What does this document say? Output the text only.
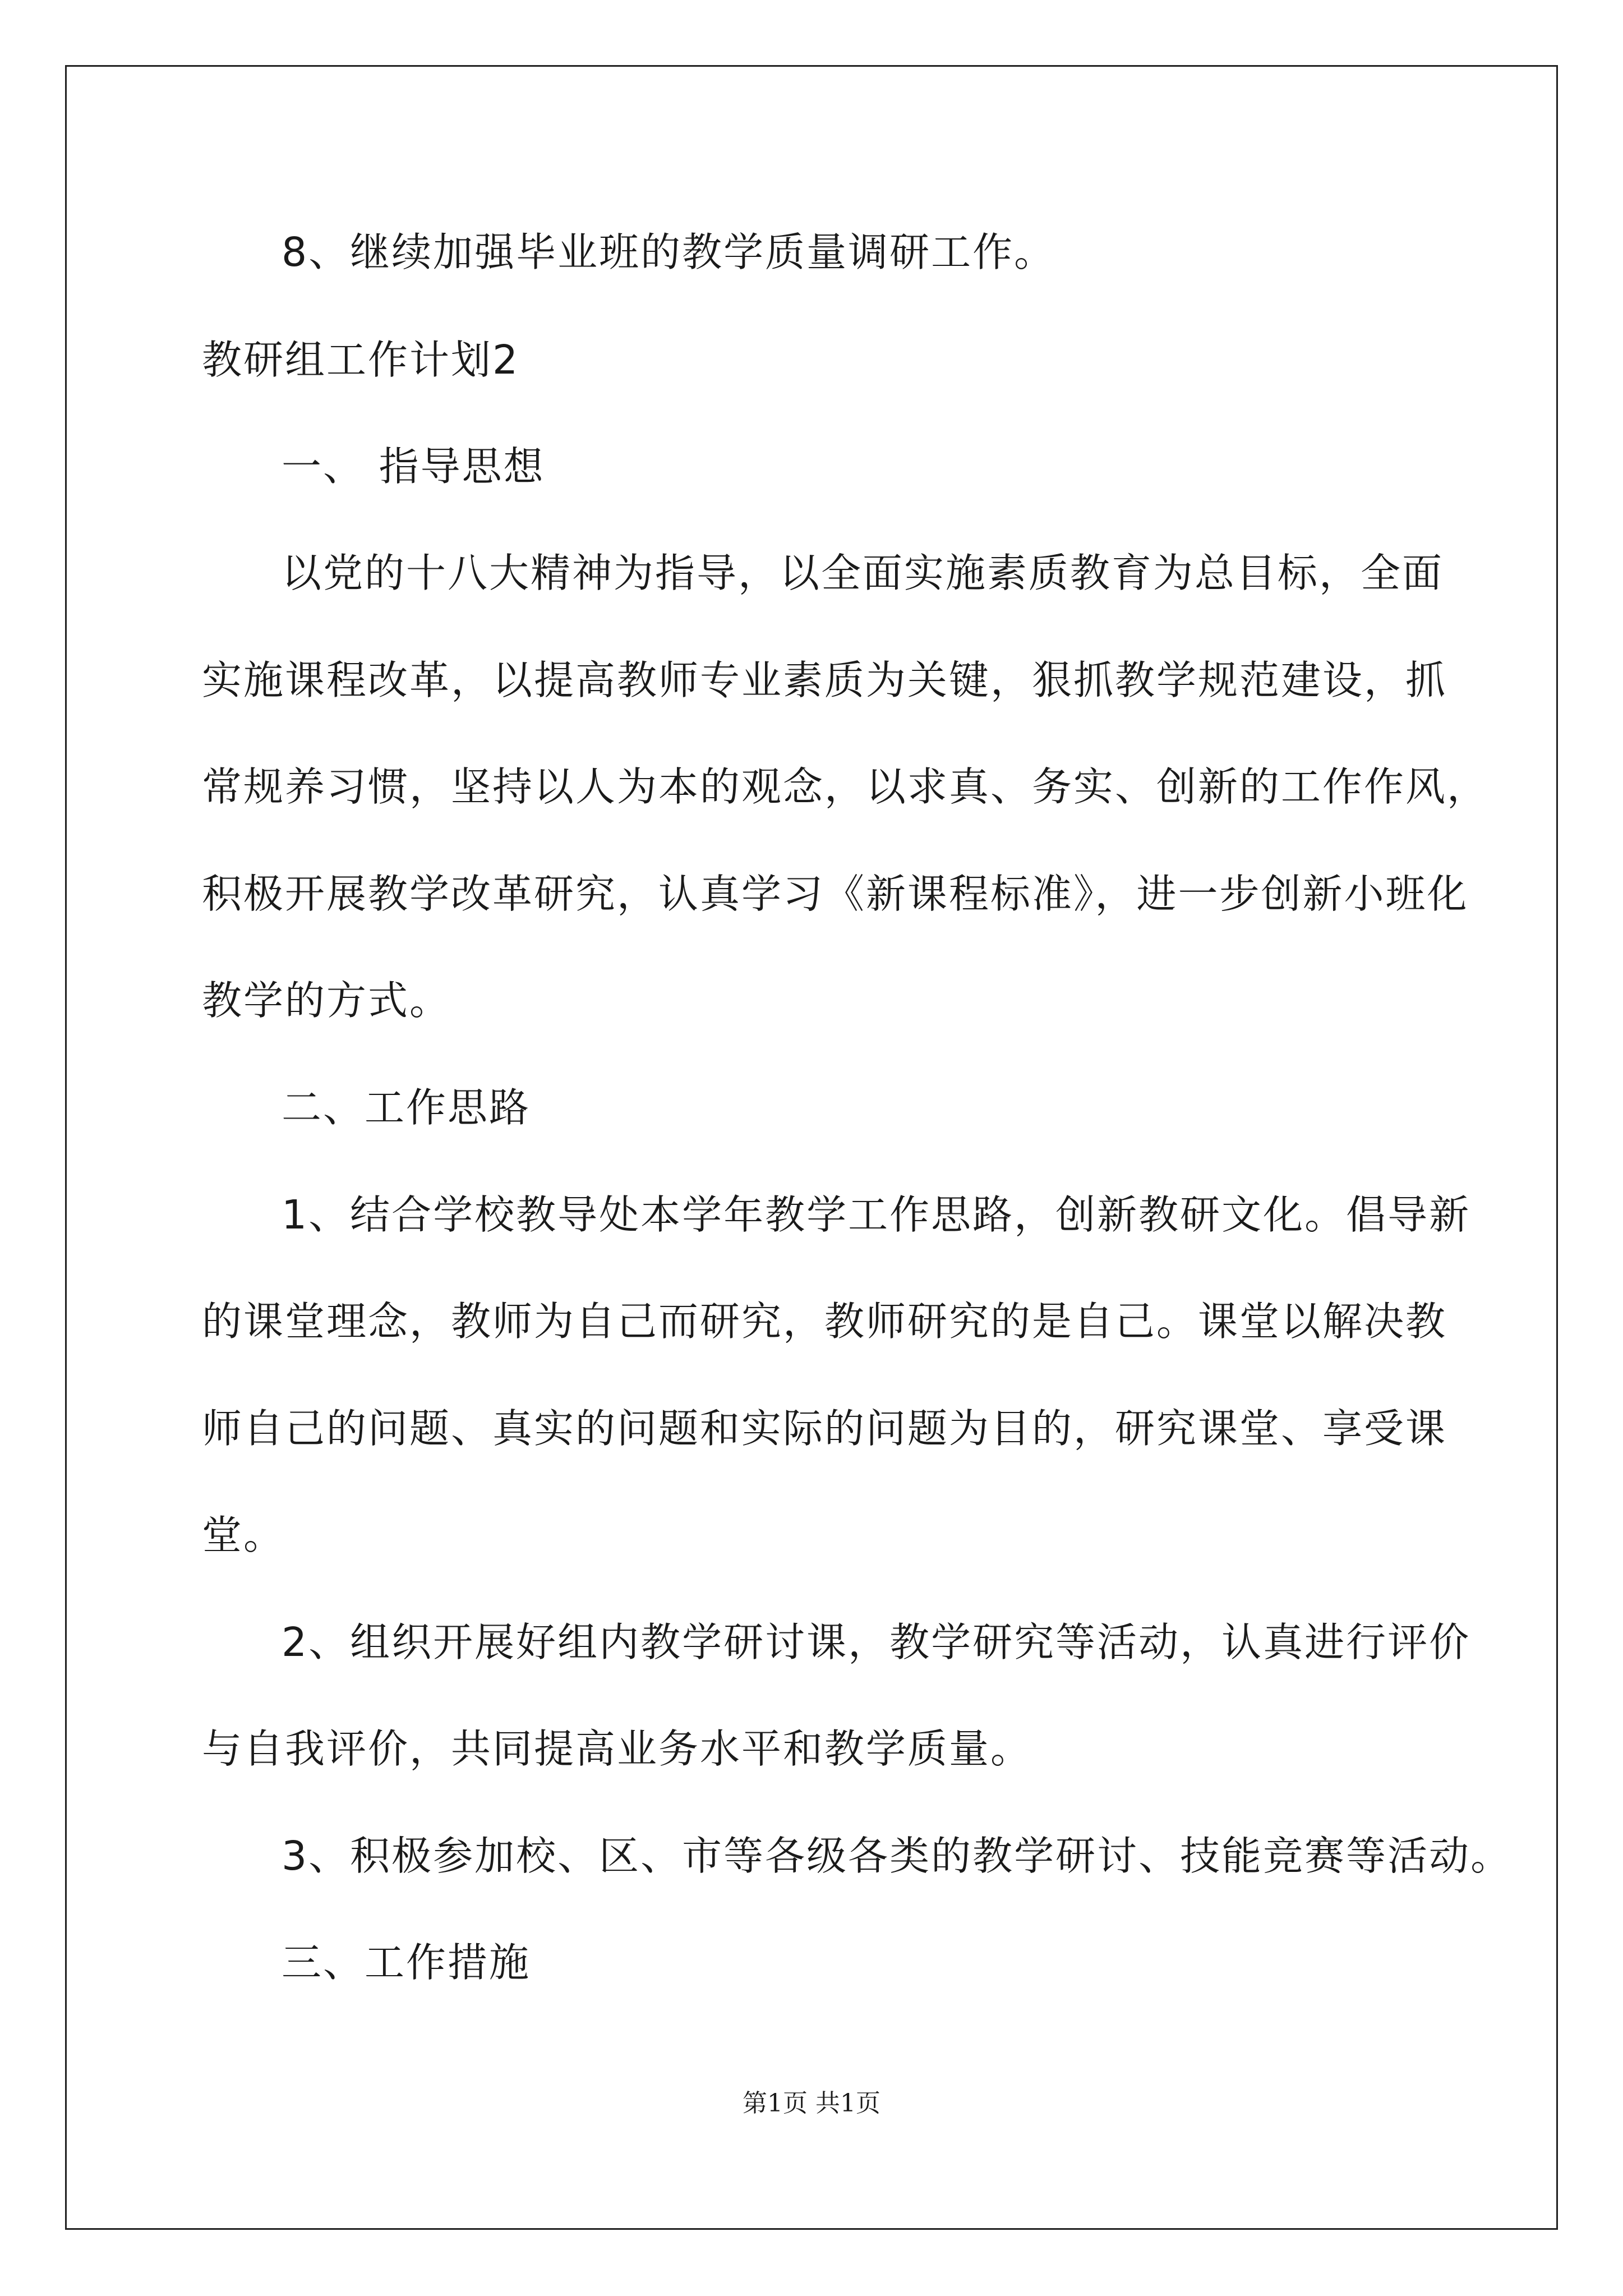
8、继续加强毕业班的教学质量调研工作。
教研组工作计划2
一、 指导思想
以党的十八大精神为指导，以全面实施素质教育为总目标，全面
实施课程改革，以提高教师专业素质为关键，狠抓教学规范建设，抓
常规养习惯，坚持以人为本的观念，以求真、务实、创新的工作作风，
积极开展教学改革研究，认真学习《新课程标准》，进一步创新小班化
教学的方式。
二、工作思路
1、结合学校教导处本学年教学工作思路，创新教研文化。倡导新
的课堂理念，教师为自己而研究，教师研究的是自己。课堂以解决教
师自己的问题、真实的问题和实际的问题为目的，研究课堂、享受课
堂。
2、组织开展好组内教学研讨课，教学研究等活动，认真进行评价
与自我评价，共同提高业务水平和教学质量。
3、积极参加校、区、市等各级各类的教学研讨、技能竞赛等活动。
三、工作措施
第1页 共1页
